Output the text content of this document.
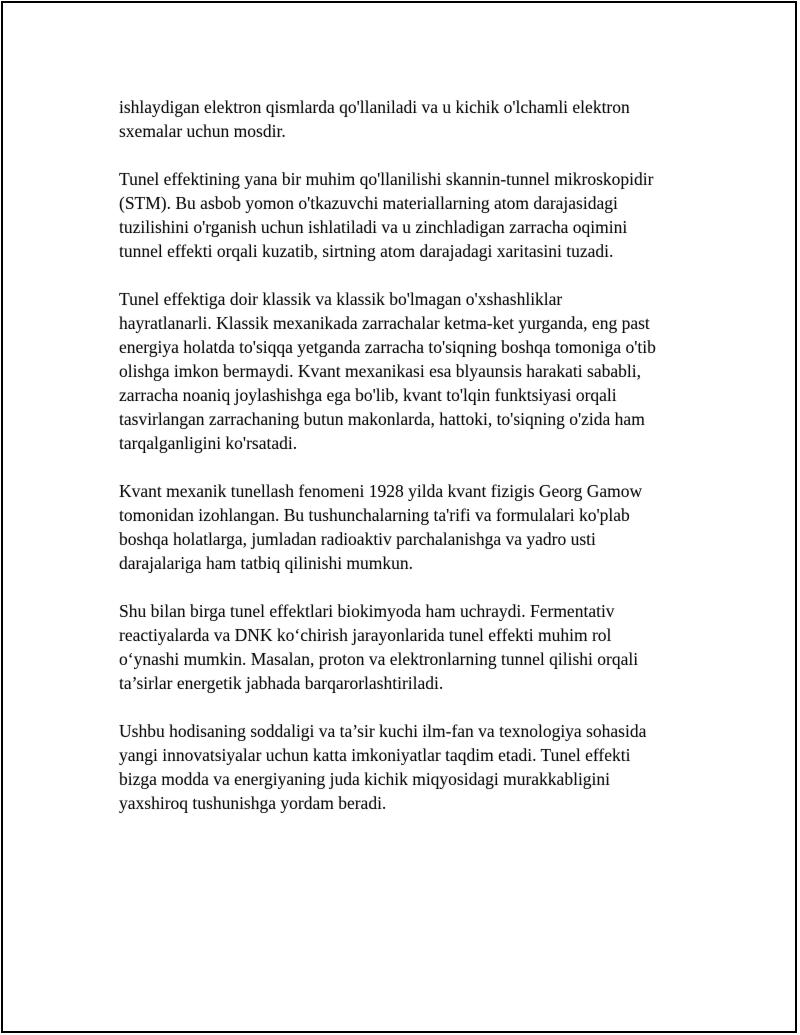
ishlaydigan elektron qismlarda qo'llaniladi va u kichik o'lchamli elektron
sxemalar uchun mosdir.

Tunel effektining yana bir muhim qo'llanilishi skannin-tunnel mikroskopidir
(STM). Bu asbob yomon o'tkazuvchi materiallarning atom darajasidagi
tuzilishini o'rganish uchun ishlatiladi va u zinchladigan zarracha oqimini
tunnel effekti orqali kuzatib, sirtning atom darajadagi xaritasini tuzadi.

Tunel effektiga doir klassik va klassik bo'lmagan o'xshashliklar
hayratlanarli. Klassik mexanikada zarrachalar ketma-ket yurganda, eng past
energiya holatda to'siqqa yetganda zarracha to'siqning boshqa tomoniga o'tib
olishga imkon bermaydi. Kvant mexanikasi esa blyaunsis harakati sababli,
zarracha noaniq joylashishga ega bo'lib, kvant to'lqin funktsiyasi orqali
tasvirlangan zarrachaning butun makonlarda, hattoki, to'siqning o'zida ham
tarqalganligini ko'rsatadi.

Kvant mexanik tunellash fenomeni 1928 yilda kvant fizigis Georg Gamow
tomonidan izohlangan. Bu tushunchalarning ta'rifi va formulalari ko'plab
boshqa holatlarga, jumladan radioaktiv parchalanishga va yadro usti
darajalariga ham tatbiq qilinishi mumkun.

Shu bilan birga tunel effektlari biokimyoda ham uchraydi. Fermentativ
reactiyalarda va DNK ko‘chirish jarayonlarida tunel effekti muhim rol
o‘ynashi mumkin. Masalan, proton va elektronlarning tunnel qilishi orqali
ta’sirlar energetik jabhada barqarorlashtiriladi.

Ushbu hodisaning soddaligi va ta’sir kuchi ilm-fan va texnologiya sohasida
yangi innovatsiyalar uchun katta imkoniyatlar taqdim etadi. Tunel effekti
bizga modda va energiyaning juda kichik miqyosidagi murakkabligini
yaxshiroq tushunishga yordam beradi.
